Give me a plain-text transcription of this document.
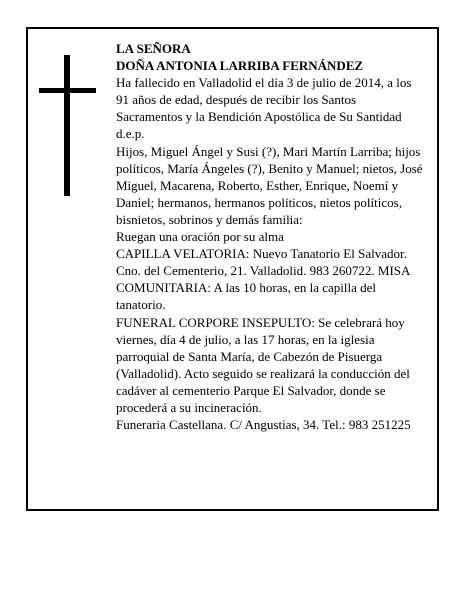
LA SEÑORA

DOÑA ANTONIA LARRIBA FERNÁNDEZ

Ha fallecido en Valladolid el día 3 de julio de 2014, a los 91 años de edad, después de recibir los Santos Sacramentos y la Bendición Apostólica de Su Santidad d.e.p.

Hijos, Miguel Ángel y Susi (?), Mari Martín Larriba; hijos políticos, María Ángeles (?), Benito y Manuel; nietos, José Miguel, Macarena, Roberto, Esther, Enrique, Noemí y Daniel; hermanos, hermanos políticos, nietos políticos, bisnietos, sobrinos y demás familia:

Ruegan una oración por su alma

CAPILLA VELATORIA: Nuevo Tanatorio El Salvador. Cno. del Cementerio, 21. Valladolid. 983 260722. MISA COMUNITARIA: A las 10 horas, en la capilla del tanatorio.

FUNERAL CORPORE INSEPULTO: Se celebrará hoy viernes, día 4 de julio, a las 17 horas, en la iglesia parroquial de Santa María, de Cabezón de Pisuerga (Valladolid). Acto seguido se realizará la conducción del cadáver al cementerio Parque El Salvador, donde se procederá a su incineración.

Funeraria Castellana. C/ Angustias, 34. Tel.: 983 251225
